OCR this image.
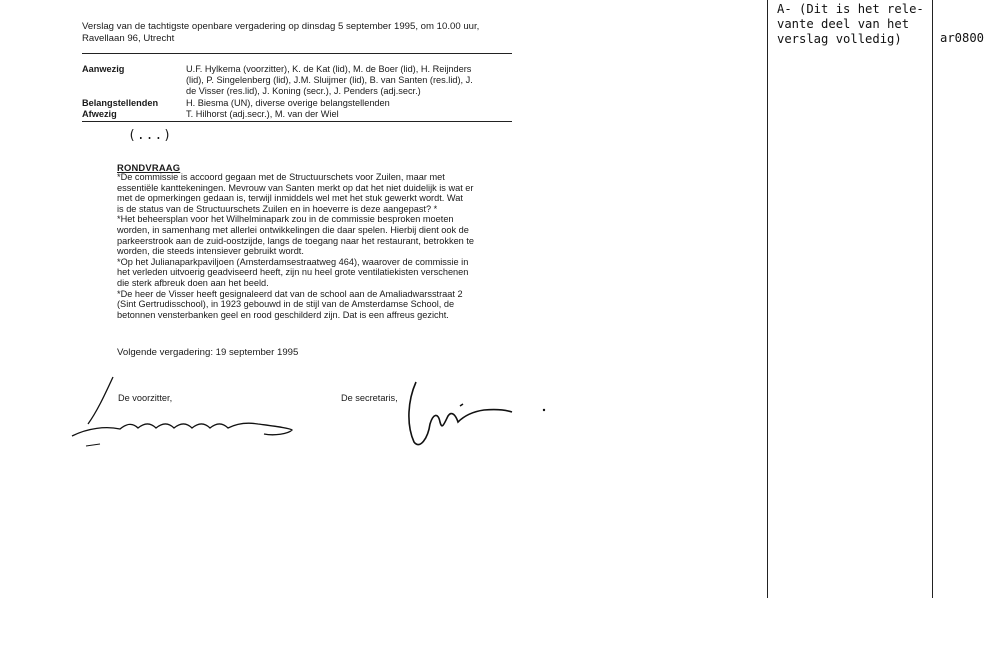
Verslag van de tachtigste openbare vergadering op dinsdag 5 september 1995, om 10.00 uur,
Ravellaan 96, Utrecht
Aanwezig	U.F. Hylkema (voorzitter), K. de Kat (lid), M. de Boer (lid), H. Reijnders
(lid), P. Singelenberg (lid), J.M. Sluijmer (lid), B. van Santen (res.lid), J.
de Visser (res.lid), J. Koning (secr.), J. Penders (adj.secr.)
Belangstellenden	H. Biesma (UN), diverse overige belangstellenden
Afwezig	T. Hilhorst (adj.secr.), M. van der Wiel
(...)
RONDVRAAG
*De commissie is accoord gegaan met de Structuurschets voor Zuilen, maar met
essentiële kanttekeningen. Mevrouw van Santen merkt op dat het niet duidelijk is wat er
met de opmerkingen gedaan is, terwijl inmiddels wel met het stuk gewerkt wordt. Wat
is de status van de Structuurschets Zuilen en in hoeverre is deze aangepast? *
*Het beheersplan voor het Wilhelminapark zou in de commissie besproken moeten
worden, in samenhang met allerlei ontwikkelingen die daar spelen. Hierbij dient ook de
parkeerstrook aan de zuid-oostzijde, langs de toegang naar het restaurant, betrokken te
worden, die steeds intensiever gebruikt wordt.
*Op het Julianaparkpaviljoen (Amsterdamsestraatweg 464), waarover de commissie in
het verleden uitvoerig geadviseerd heeft, zijn nu heel grote ventilatiekisten verschenen
die sterk afbreuk doen aan het beeld.
*De heer de Visser heeft gesignaleerd dat van de school aan de Amaliadwarsstraat 2
(Sint Gertrudisschool), in 1923 gebouwd in de stijl van de Amsterdamse School, de
betonnen vensterbanken geel en rood geschilderd zijn. Dat is een affreus gezicht.
Volgende vergadering: 19 september 1995
De voorzitter,	De secretaris,
A- (Dit is het rele-
vante deel van het
verslag volledig)	ar0800
